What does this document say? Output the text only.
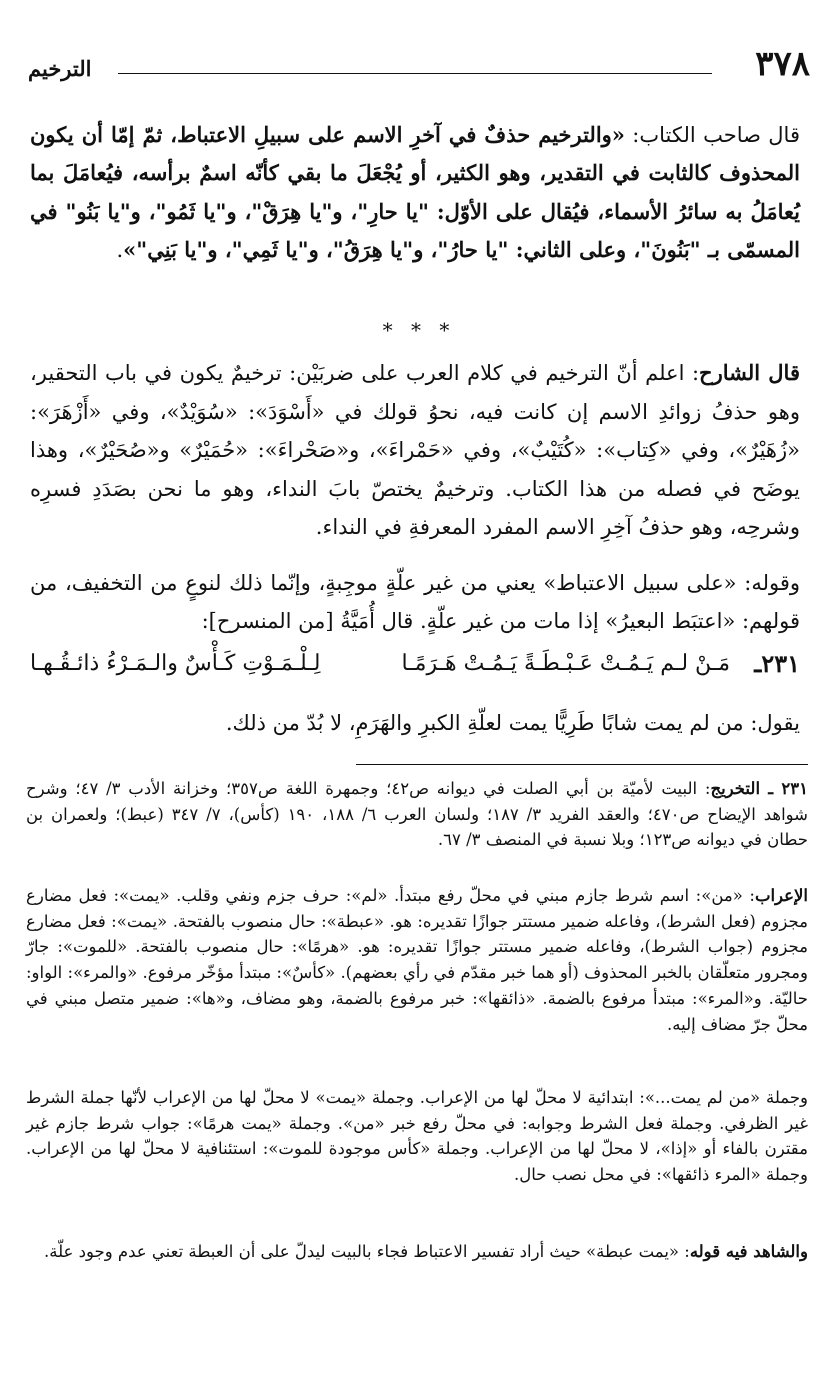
الترخيم	٣٧٨

قال صاحب الكتاب: «والترخيم حذفٌ في آخرِ الاسم على سبيلِ الاعتباط، ثمّ إمّا أن يكون المحذوف كالثابت في التقدير، وهو الكثير، أو يُجْعَلَ ما بقي كأنّه اسمٌ برأسه، فيُعامَلَ بما يُعامَلُ به سائرُ الأسماء، فيُقال على الأوّل: "يا حارِ"، و"يا هِرَقْ"، و"يا ثَمُو"، و"يا بَنُو" في المسمّى بـ "بَنُونَ"، وعلى الثاني: "يا حارُ"، و"يا هِرَقُ"، و"يا ثَمِي"، و"يا بَنِي"».

* * *

قال الشارح: اعلم أنّ الترخيم في كلام العرب على ضربَيْن: ترخيمٌ يكون في باب التحقير، وهو حذفُ زوائدِ الاسم إن كانت فيه، نحوُ قولك في «أَسْوَدَ»: «سُوَيْدٌ»، وفي «أَزْهَرَ»: «زُهَيْرٌ»، وفي «كِتاب»: «كُتَيْبٌ»، وفي «حَمْراءَ»، و«صَحْراءَ»: «حُمَيْرٌ» و«صُحَيْرٌ»، وهذا يوضَح في فصله من هذا الكتاب. وترخيمٌ يختصّ بابَ النداء، وهو ما نحن بصَدَدِ فسرِه وشرحِه، وهو حذفُ آخِرِ الاسم المفرد المعرفةِ في النداء.

وقوله: «على سبيل الاعتباط» يعني من غير علّةٍ موجِبةٍ، وإنّما ذلك لنوعٍ من التخفيف، من قولهم: «اعتبَط البعيرُ» إذا مات من غير علّةٍ. قال أُمَيَّةُ [من المنسرح]:

٢٣١ـ
مَـنْ لـم يَـمُـتْ عَـبْـطَـةً يَـمُـتْ هَـرَمًـا
لِـلْـمَـوْتِ كَـأْسٌ والـمَـرْءُ ذائـقُـهـا

يقول: من لم يمت شابًا طَرِيًّا يمت لعلّةِ الكبرِ والهَرَمِ، لا بُدّ من ذلك.

٢٣١ ـ التخريج: البيت لأميّة بن أبي الصلت في ديوانه ص٤٢؛ وجمهرة اللغة ص٣٥٧؛ وخزانة الأدب ٣/ ٤٧؛ وشرح شواهد الإيضاح ص٤٧٠؛ والعقد الفريد ٣/ ١٨٧؛ ولسان العرب ٦/ ١٨٨، ١٩٠ (كأس)، ٧/ ٣٤٧ (عبط)؛ ولعمران بن حطان في ديوانه ص١٢٣؛ وبلا نسبة في المنصف ٣/ ٦٧.

الإعراب: «من»: اسم شرط جازم مبني في محلّ رفع مبتدأ. «لم»: حرف جزم ونفي وقلب. «يمت»: فعل مضارع مجزوم (فعل الشرط)، وفاعله ضمير مستتر جوازًا تقديره: هو. «عبطة»: حال منصوب بالفتحة. «يمت»: فعل مضارع مجزوم (جواب الشرط)، وفاعله ضمير مستتر جوازًا تقديره: هو. «هرمًا»: حال منصوب بالفتحة. «للموت»: جارّ ومجرور متعلّقان بالخبر المحذوف (أو هما خبر مقدّم في رأي بعضهم). «كأسٌ»: مبتدأ مؤخّر مرفوع. «والمرء»: الواو: حاليّة. و«المرء»: مبتدأ مرفوع بالضمة. «ذائقها»: خبر مرفوع بالضمة، وهو مضاف، و«ها»: ضمير متصل مبني في محلّ جرّ مضاف إليه.

وجملة «من لم يمت...»: ابتدائية لا محلّ لها من الإعراب. وجملة «يمت» لا محلّ لها من الإعراب لأنّها جملة الشرط غير الظرفي. وجملة فعل الشرط وجوابه: في محلّ رفع خبر «من». وجملة «يمت هرمًا»: جواب شرط جازم غير مقترن بالفاء أو «إذا»، لا محلّ لها من الإعراب. وجملة «كأس موجودة للموت»: استئنافية لا محلّ لها من الإعراب. وجملة «المرء ذائقها»: في محل نصب حال.

والشاهد فيه قوله: «يمت عبطة» حيث أراد تفسير الاعتباط فجاء بالبيت ليدلّ على أن العبطة تعني عدم وجود علّة.
